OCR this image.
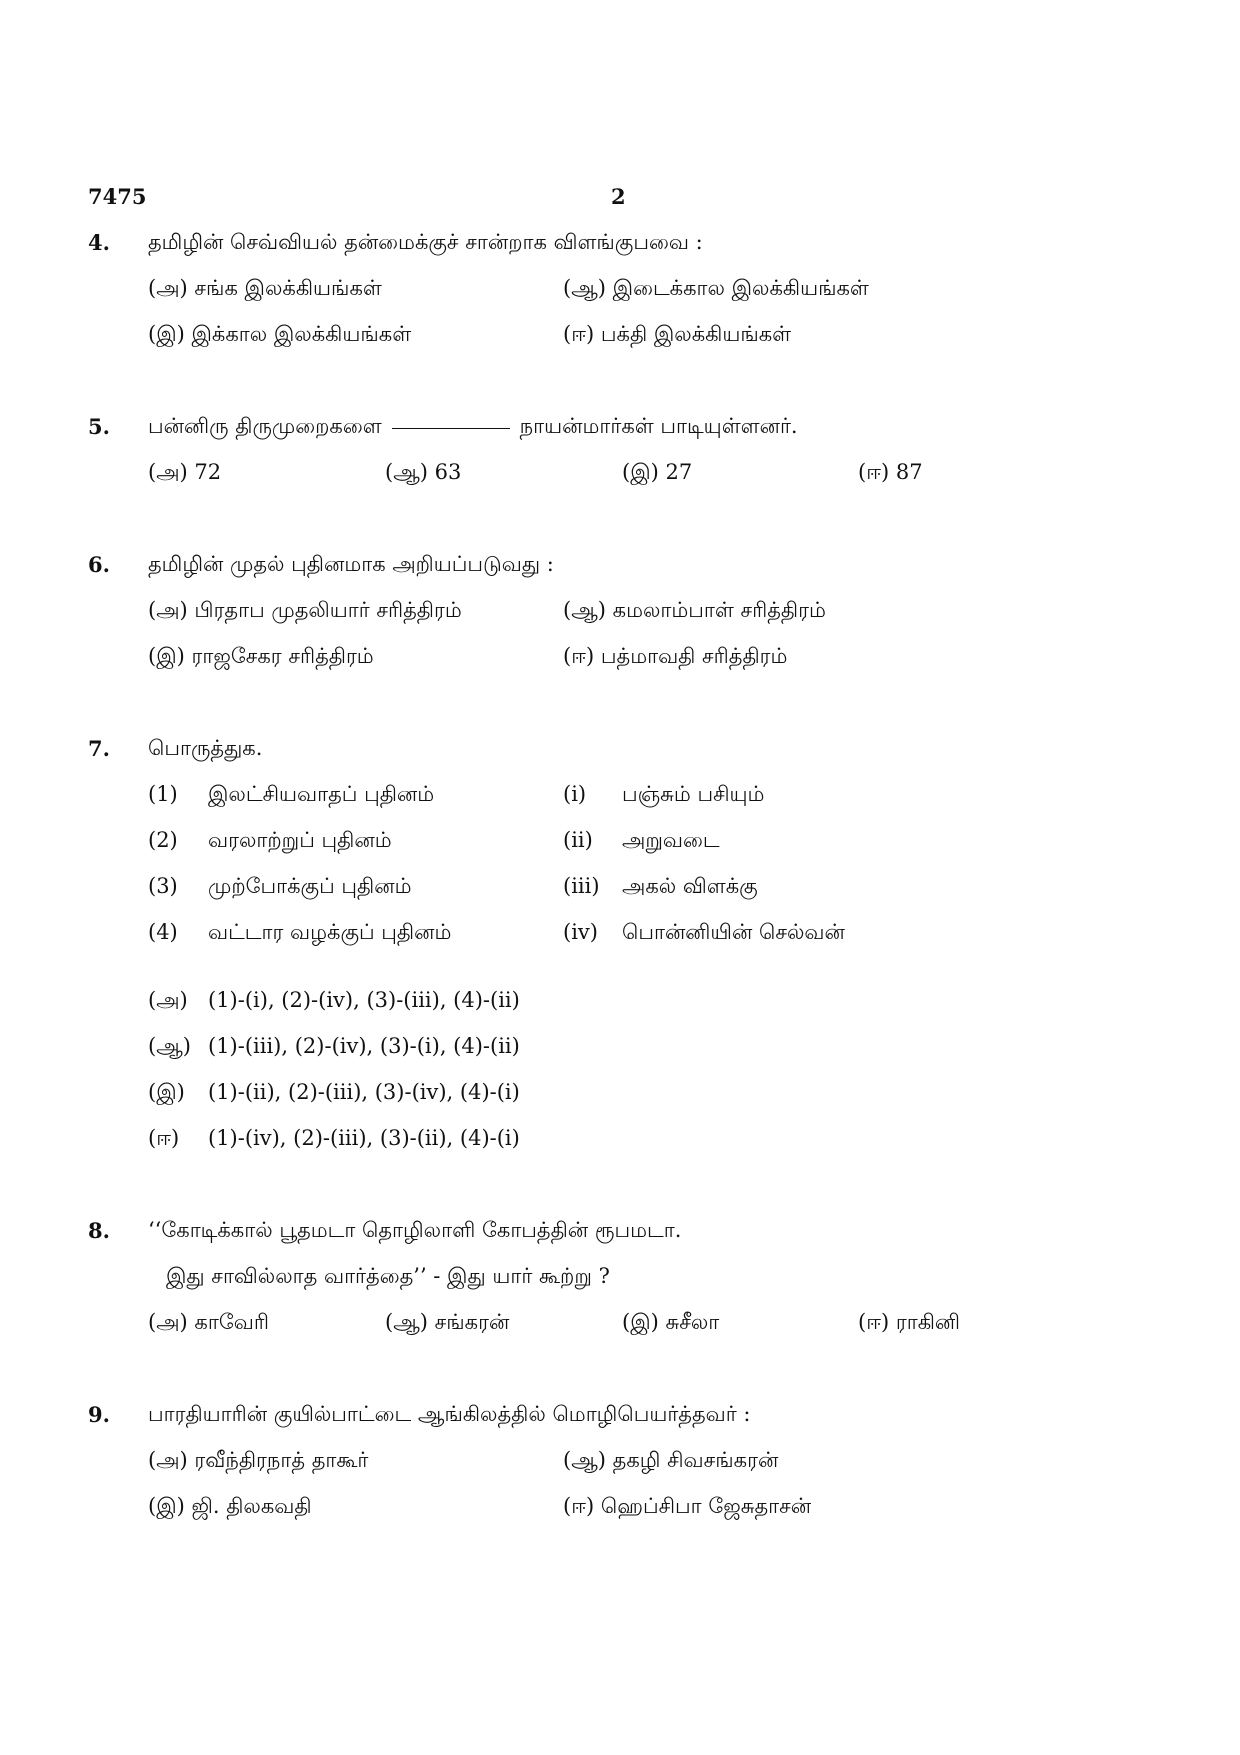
7475	2
4. தமிழின் செவ்வியல் தன்மைக்குச் சான்றாக விளங்குபவை :
(அ) சங்க இலக்கியங்கள்	(ஆ) இடைக்கால இலக்கியங்கள்
(இ) இக்கால இலக்கியங்கள்	(ஈ) பக்தி இலக்கியங்கள்
5. பன்னிரு திருமுறைகளை	நாயன்மார்கள் பாடியுள்ளனர்.
(அ) 72	(ஆ) 63	(இ) 27	(ஈ) 87
6. தமிழின் முதல் புதினமாக அறியப்படுவது :
(அ) பிரதாப முதலியார் சரித்திரம்	(ஆ) கமலாம்பாள் சரித்திரம்
(இ) ராஜசேகர சரித்திரம்	(ஈ) பத்மாவதி சரித்திரம்
7. பொருத்துக.
(1) இலட்சியவாதப் புதினம்	(i) பஞ்சும் பசியும்
(2) வரலாற்றுப் புதினம்	(ii) அறுவடை
(3) முற்போக்குப் புதினம்	(iii) அகல் விளக்கு
(4) வட்டார வழக்குப் புதினம்	(iv) பொன்னியின் செல்வன்
(அ) (1)-(i), (2)-(iv), (3)-(iii), (4)-(ii)
(ஆ) (1)-(iii), (2)-(iv), (3)-(i), (4)-(ii)
(இ) (1)-(ii), (2)-(iii), (3)-(iv), (4)-(i)
(ஈ) (1)-(iv), (2)-(iii), (3)-(ii), (4)-(i)
8. ‘‘கோடிக்கால் பூதமடா தொழிலாளி கோபத்தின் ரூபமடா.
இது சாவில்லாத வார்த்தை’’ - இது யார் கூற்று ?
(அ) காவேரி	(ஆ) சங்கரன்	(இ) சுசீலா	(ஈ) ராகினி
9. பாரதியாரின் குயில்பாட்டை ஆங்கிலத்தில் மொழிபெயர்த்தவர் :
(அ) ரவீந்திரநாத் தாகூர்	(ஆ) தகழி சிவசங்கரன்
(இ) ஜி. திலகவதி	(ஈ) ஹெப்சிபா ஜேசுதாசன்
